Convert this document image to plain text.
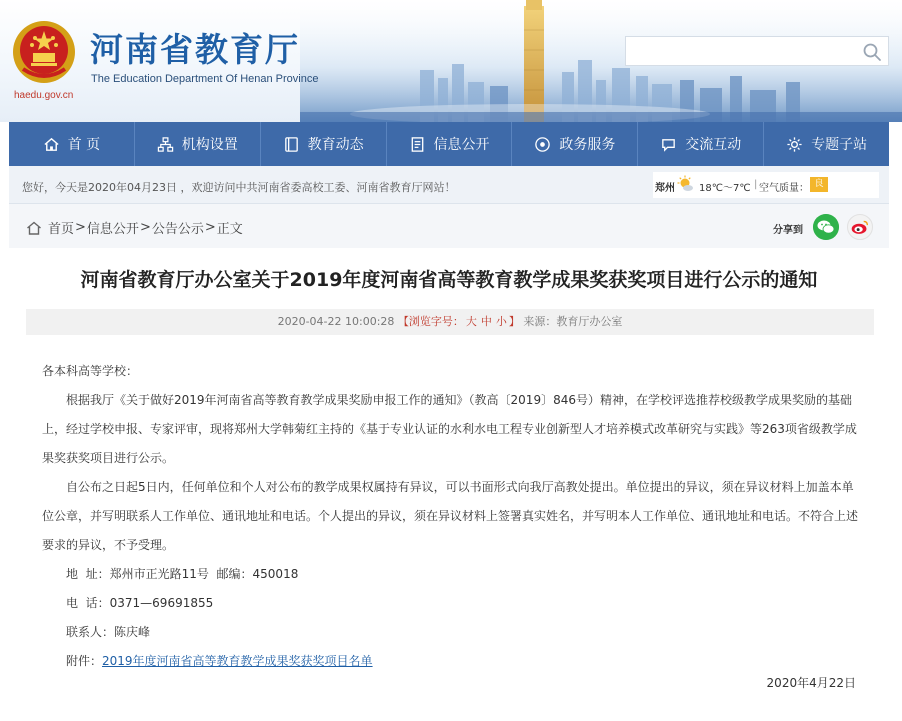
haedu.gov.cn
河南省教育厅
The Education Department Of Henan Province
首 页	机构设置	教育动态	信息公开	政务服务	交流互动	专题子站
您好，今天是2020年04月23日 ，欢迎访问中共河南省委高校工委、河南省教育厅网站！	郑州 18℃～7℃ | 空气质量： 良
首页 > 信息公开 > 公告公示 > 正文	分享到
河南省教育厅办公室关于2019年度河南省高等教育教学成果奖获奖项目进行公示的通知
2020-04-22 10:00:28 【浏览字号： 大 中 小 】 来源：教育厅办公室

各本科高等学校：

根据我厅《关于做好2019年河南省高等教育教学成果奖励申报工作的通知》（教高〔2019〕846号）精神，在学校评选推荐校级教学成果奖励的基础上，经过学校申报、专家评审，现将郑州大学韩菊红主持的《基于专业认证的水利水电工程专业创新型人才培养模式改革研究与实践》等263项省级教学成果奖获奖项目进行公示。

自公布之日起5日内，任何单位和个人对公布的教学成果权属持有异议，可以书面形式向我厅高教处提出。单位提出的异议，须在异议材料上加盖本单位公章，并写明联系人工作单位、通讯地址和电话。个人提出的异议，须在异议材料上签署真实姓名，并写明本人工作单位、通讯地址和电话。不符合上述要求的异议，不予受理。

地  址：郑州市正光路11号  邮编：450018

电  话：0371—69691855

联系人：陈庆峰

附件：2019年度河南省高等教育教学成果奖获奖项目名单

2020年4月22日
